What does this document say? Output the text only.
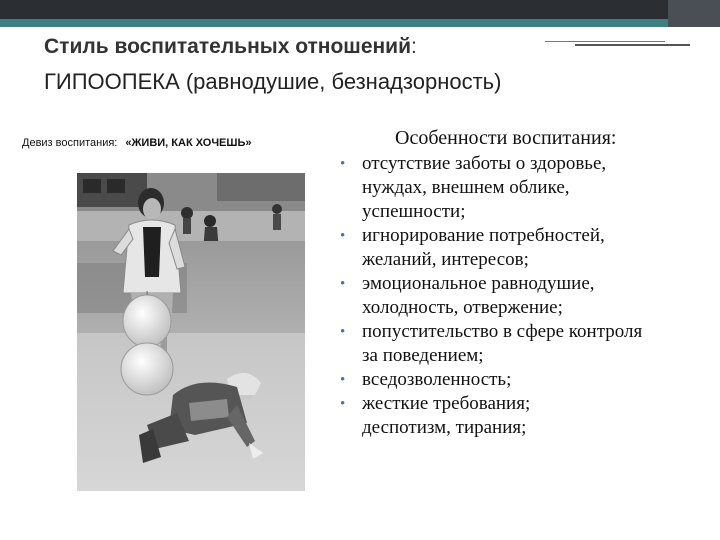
Стиль воспитательных отношений:
ГИПООПЕКА (равнодушие, безнадзорность)
Девиз воспитания: «ЖИВИ, КАК ХОЧЕШЬ»	Особенности воспитания:
• отсутствие заботы о здоровье,
нуждах, внешнем облике,
успешности;
• игнорирование потребностей,
желаний, интересов;
• эмоциональное равнодушие,
холодность, отвержение;
• попустительство в сфере контроля
за поведением;
• вседозволенность;
• жесткие требования;
деспотизм, тирания;
